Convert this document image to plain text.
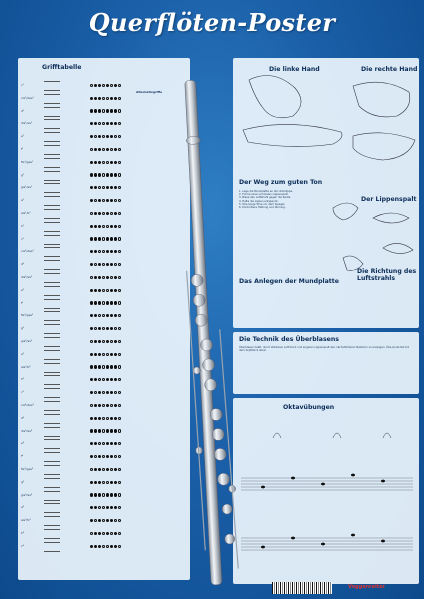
Querflöten-Poster
Grifftabelle
Alternativgriffe
c¹
cis¹/des¹
d¹
dis¹/es¹
e¹
f¹
fis¹/ges¹
g¹
gis¹/as¹
a¹
ais¹/b¹
h¹
c²
cis²/des²
d²
dis²/es²
e²
f²
fis²/ges²
g²
gis²/as²
a²
ais²/b²
h²
c³
cis³/des³
d³
dis³/es³
e³
f³
fis³/ges³
g³
gis³/as³
a³
ais³/b³
h³
c⁴
Die linke Hand	Die rechte Hand
Der Weg zum guten Ton
Der Lippenspalt
1. Lege die Mundplatte an die Unterlippe.
2. Forme einen schmalen Lippenspalt.
3. Blase den Luftstrahl gegen die Kante.
4. Halte die Lippen entspannt.
5. Übe lange Töne vor dem Spiegel.
6. Kontrolliere Haltung und Atmung.
Das Anlegen der Mundplatte
Die Richtung des Luftstrahls
Die Technik des Überblasens
Überblasen heißt, durch stärkeren Luftdruck und engeren Lippenspalt den nächsthöheren Naturton zu erzeugen. Übe zunächst mit dem Kopfstück allein.
Oktavübungen
Voggenreiter
